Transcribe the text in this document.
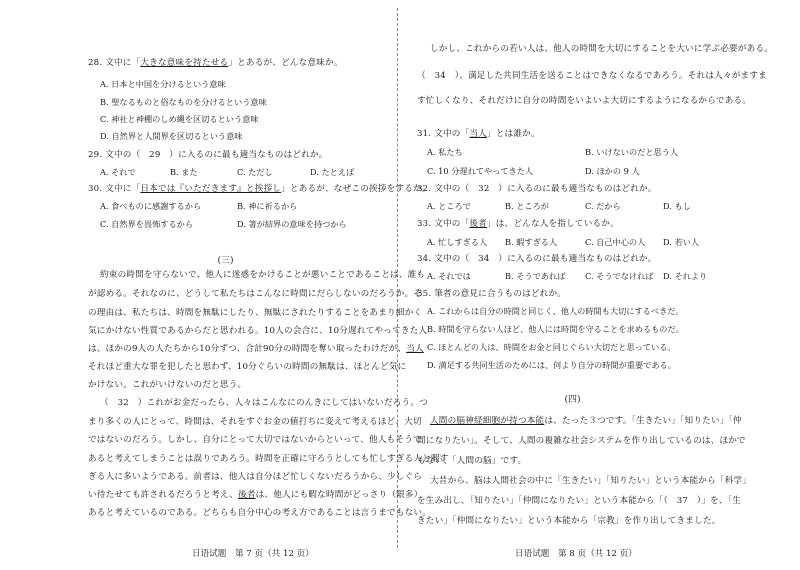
28. 文中に「大きな意味を持たせる」とあるが、どんな意味か。
A. 日本と中国を分けるという意味
B. 聖なるものと俗なものを分けるという意味
C. 神社と神棚のしめ縄を区切るという意味
D. 自然界と人間界を区切るという意味
29. 文中の（　29　）に入るのに最も適当なものはどれか。
A. それで	B. また	C. ただし	D. たとえば
30. 文中に「日本では『いただきます』と挨拶し」とあるが、なぜこの挨拶をするか。
A. 食べものに感謝するから	B. 神に祈るから
C. 自然界を畏怖するから	D. 箸が結界の意味を持つから
(三)
約束の時間を守らないで、他人に迷惑をかけることが悪いことであることは、誰も
が認める。それなのに、どうして私たちはこんなに時間にだらしないのだろうか。そ
の理由は、私たちは、時間を無駄にしたり、無駄にされたりすることをあまり細かく
気にかけない性質であるからだと思われる。10人の会合に、10分遅れてやってきた人
は、ほかの9人の人たちから10分ずつ、合計90分の時間を奪い取ったわけだが、当人
それほど重大な罪を犯したと思わず、10分ぐらいの時間の無駄は、ほとんど気に
かけない。これがいけないのだと思う。
（　32　）これがお金だったら、人々はこんなにのんきにしてはいないだろう。つ
まり多くの人にとって、時間は、それをすぐお金の値打ちに変えて考えるほど、大切
ではないのだろう。しかし、自分にとって大切ではないからといって、他人もそうで
あると考えてしまうことは誤りであろう。時間を正確に守ろうとしても忙しすぎる人と暇す
ぎる人に多いようである。前者は、他人は自分ほど忙しくないだろうから、少しぐら
い待たせても許されるだろうと考え、後者は、他人にも暇な時間がどっさり（限多）
あると考えているのである。どちらも自分中心の考え方であることは言うまでもない。
日语试题　第 7 页（共 12 页）
しかし、これからの若い人は、他人の時間を大切にすることを大いに学ぶ必要がある。
（　34　）、満足した共同生活を送ることはできなくなるであろう。それは人々がますま
す忙しくなり、それだけに自分の時間をいよいよ大切にするようになるからである。
31. 文中の「当人」とは誰か。
A. 私たち	B. いけないのだと思う人
C. 10 分遅れてやってきた人	D. ほかの 9 人
32. 文中の（　32　）に入るのに最も適当なものはどれか。
A. ところで	B. ところが	C. だから	D. もし
33. 文中の「後者」は、どんな人を指しているか。
A. 忙しすぎる人 B. 暇すぎる人	C. 自己中心の人 D. 若い人
34. 文中の（　34　）に入るのに最も適当なものはどれか。
A. それでは	B. そうであれば C. そうでなければ D. それより
35. 筆者の意見に合うものはどれか。
A. これからは自分の時間と同じく、他人の時間も大切にするべきだ。
B. 時間を守らない人ほど、他人には時間を守ることを求めるものだ。
C. ほとんどの人は、時間をお金と同じぐらい大切だと思っている。
D. 満足する共同生活のためには、何より自分の時間が重要である。
(四)
人間の脳神経細胞が持つ本能は、たった３つです。「生きたい」「知りたい」「仲
間になりたい」。そして、人間の複雑な社会システムを作り出しているのは、ほかで
もない、「人間の脳」です。
大昔から、脳は人間社会の中に「生きたい」「知りたい」という本能から「科学」
を生み出し、「知りたい」「仲間になりたい」という本能から「（　37　）」を、「生
きたい」「仲間になりたい」という本能から「宗教」を作り出してきました。
日语试题　第 8 页（共 12 页）
